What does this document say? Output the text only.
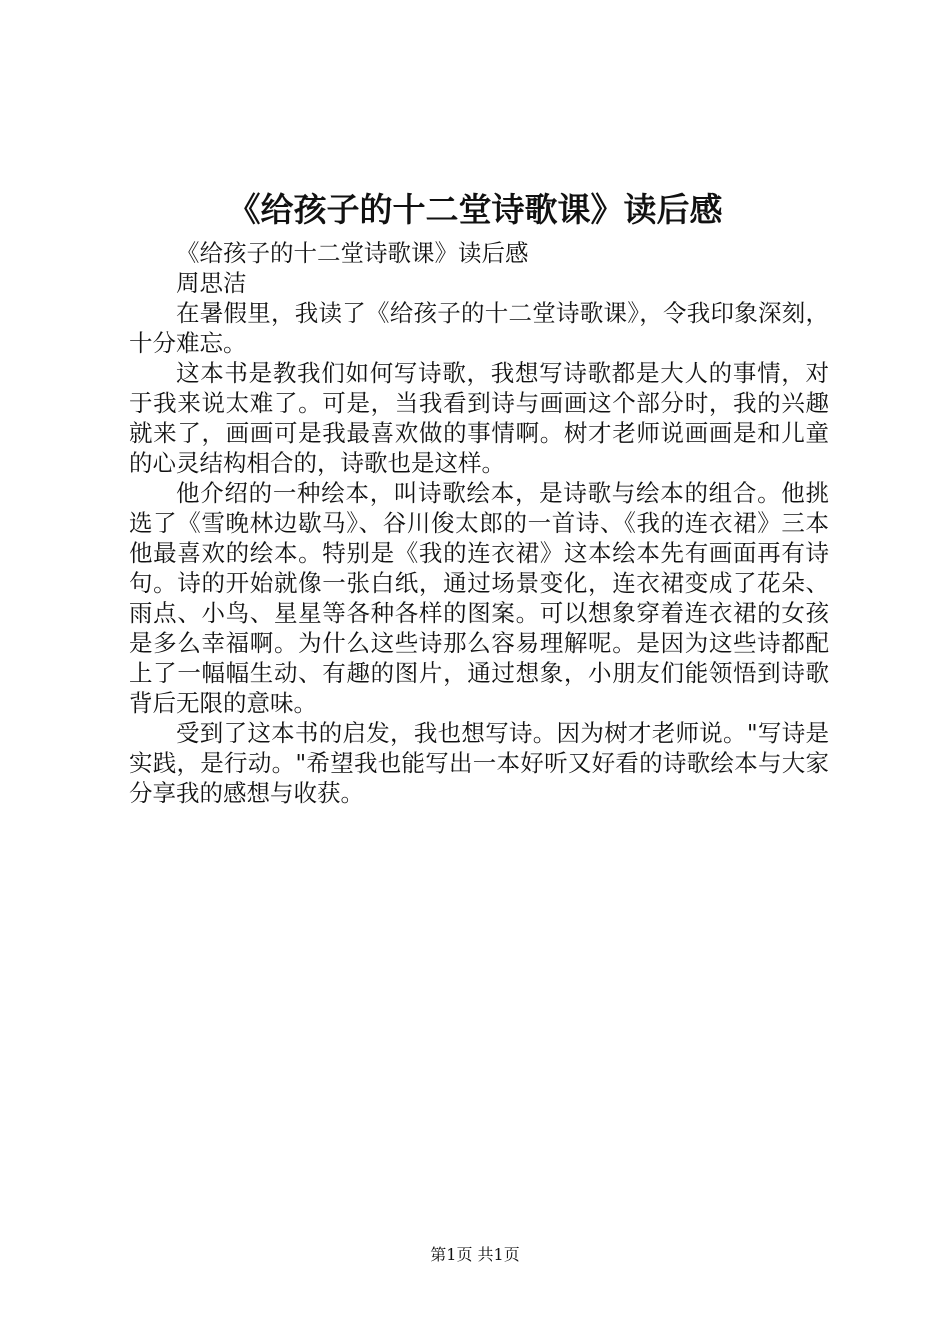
《给孩子的十二堂诗歌课》读后感

《给孩子的十二堂诗歌课》读后感

周思洁

在暑假里，我读了《给孩子的十二堂诗歌课》，令我印象深刻，十分难忘。

这本书是教我们如何写诗歌，我想写诗歌都是大人的事情，对于我来说太难了。可是，当我看到诗与画画这个部分时，我的兴趣就来了，画画可是我最喜欢做的事情啊。树才老师说画画是和儿童的心灵结构相合的，诗歌也是这样。

他介绍的一种绘本，叫诗歌绘本，是诗歌与绘本的组合。他挑选了《雪晚林边歇马》、谷川俊太郎的一首诗、《我的连衣裙》三本他最喜欢的绘本。特别是《我的连衣裙》这本绘本先有画面再有诗句。诗的开始就像一张白纸，通过场景变化，连衣裙变成了花朵、雨点、小鸟、星星等各种各样的图案。可以想象穿着连衣裙的女孩是多么幸福啊。为什么这些诗那么容易理解呢。是因为这些诗都配上了一幅幅生动、有趣的图片，通过想象，小朋友们能领悟到诗歌背后无限的意味。

受到了这本书的启发，我也想写诗。因为树才老师说。"写诗是实践，是行动。"希望我也能写出一本好听又好看的诗歌绘本与大家分享我的感想与收获。

第1页 共1页
